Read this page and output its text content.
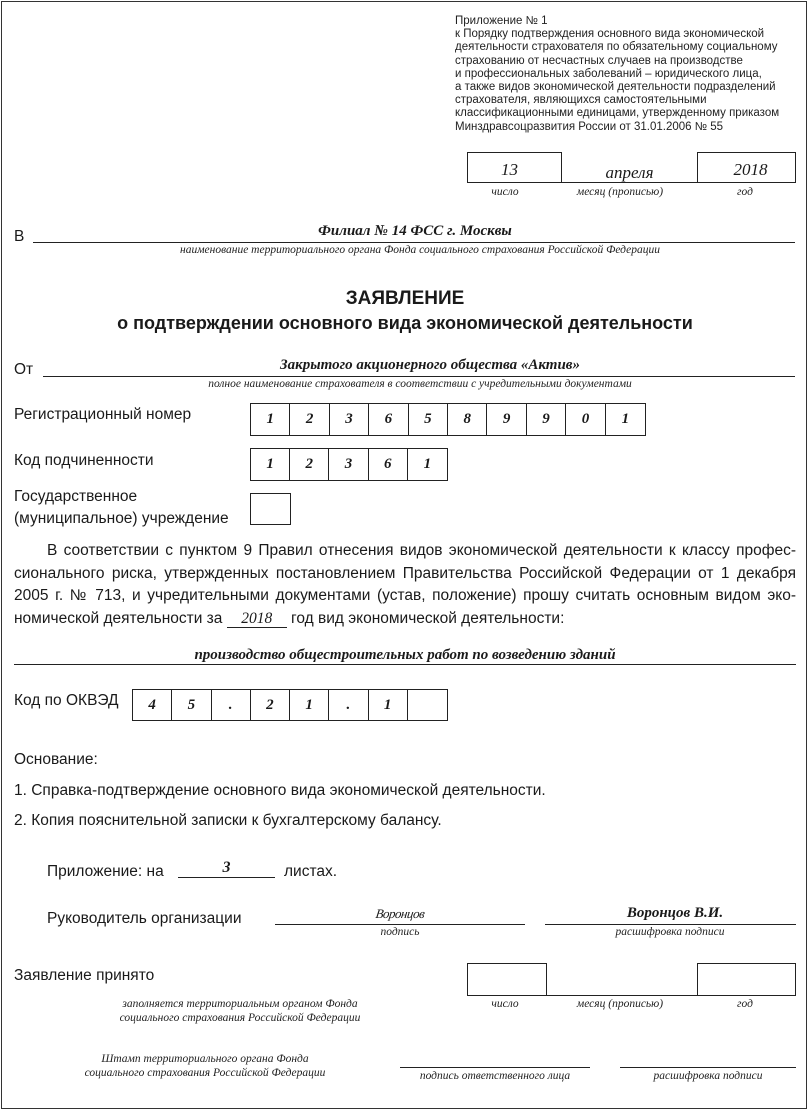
Приложение № 1
к Порядку подтверждения основного вида экономической
деятельности страхователя по обязательному социальному
страхованию от несчастных случаев на производстве
и профессиональных заболеваний – юридического лица,
а также видов экономической деятельности подразделений
страхователя, являющихся самостоятельными
классификационными единицами, утвержденному приказом
Минздравсоцразвития России от 31.01.2006 № 55
13	апреля	2018
число	месяц (прописью)	год
В	Филиал № 14 ФСС г. Москвы
наименование территориального органа Фонда социального страхования Российской Федерации
ЗАЯВЛЕНИЕ
о подтверждении основного вида экономической деятельности
От	Закрытого акционерного общества «Актив»
полное наименование страхователя в соответствии с учредительными документами
Регистрационный номер	1	2	3	6	5	8	9	9	0	1
Код подчиненности	1	2	3	6	1
Государственное
(муниципальное) учреждение
В соответствии с пунктом 9 Правил отнесения видов экономической деятельности к классу профес-сионального риска, утвержденных постановлением Правительства Российской Федерации от 1 декабря 2005 г. № 713, и учредительными документами (устав, положение) прошу считать основным видом эко-номической деятельности за 2018 год вид экономической деятельности:
производство общестроительных работ по возведению зданий
Код по ОКВЭД	4	5	.	2	1	.	1
Основание:
1. Справка-подтверждение основного вида экономической деятельности.
2. Копия пояснительной записки к бухгалтерскому балансу.
Приложение: на	3	листах.
Руководитель организации	Воронцов	Воронцов В.И.
подпись	расшифровка подписи
Заявление принято
число	месяц (прописью)	год
заполняется территориальным органом Фонда
социального страхования Российской Федерации
Штамп территориального органа Фонда
социального страхования Российской Федерации	подпись ответственного лица	расшифровка подписи
